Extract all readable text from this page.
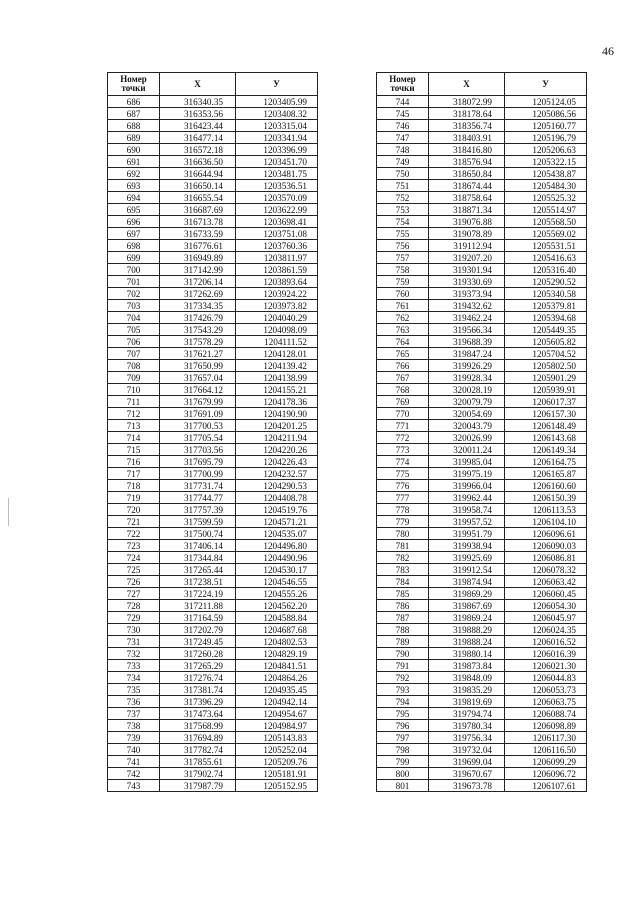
46
Номер
точки	X	У
686	316340.35	1203405.99
687	316353.56	1203408.32
688	316423.44	1203315.04
689	316477.14	1203341.94
690	316572.18	1203396.99
691	316636.50	1203451.70
692	316644.94	1203481.75
693	316650.14	1203536.51
694	316655.54	1203570.09
695	316687.69	1203622.99
696	316713.78	1203698.41
697	316733.59	1203751.08
698	316776.61	1203760.36
699	316949.89	1203811.97
700	317142.99	1203861.59
701	317206.14	1203893.64
702	317262.69	1203924.22
703	317334.35	1203973.82
704	317426.79	1204040.29
705	317543.29	1204098.09
706	317578.29	1204111.52
707	317621.27	1204128.01
708	317650.99	1204139.42
709	317657.04	1204138.99
710	317664.12	1204155.21
711	317679.99	1204178.36
712	317691.09	1204190.90
713	317700.53	1204201.25
714	317705.54	1204211.94
715	317703.56	1204220.26
716	317695.79	1204226.43
717	317700.99	1204232.57
718	317731.74	1204290.53
719	317744.77	1204408.78
720	317757.39	1204519.76
721	317599.59	1204571.21
722	317500.74	1204535.07
723	317406.14	1204496.80
724	317344.84	1204490.96
725	317265.44	1204530.17
726	317238.51	1204546.55
727	317224.19	1204555.26
728	317211.88	1204562.20
729	317164.59	1204588.84
730	317202.79	1204687.68
731	317249.45	1204802.53
732	317260.28	1204829.19
733	317265.29	1204841.51
734	317276.74	1204864.26
735	317381.74	1204935.45
736	317396.29	1204942.14
737	317473.64	1204954.67
738	317568.99	1204984.97
739	317694.89	1205143.83
740	317782.74	1205252.04
741	317855.61	1205209.76
742	317902.74	1205181.91
743	317987.79	1205152.95
Номер
точки	X	У
744	318072.99	1205124.05
745	318178.64	1205086.56
746	318356.74	1205160.77
747	318403.91	1205196.79
748	318416.80	1205206.63
749	318576.94	1205322.15
750	318650.84	1205438.87
751	318674.44	1205484.30
752	318758.64	1205525.32
753	318871.34	1205514.97
754	319076.88	1205568.50
755	319078.89	1205569.02
756	319112.94	1205531.51
757	319207.20	1205416.63
758	319301.94	1205316.40
759	319330.69	1205290.52
760	319373.94	1205340.58
761	319432.62	1205379.81
762	319462.24	1205394.68
763	319566.34	1205449.35
764	319688.39	1205605.82
765	319847.24	1205704.52
766	319926.29	1205802.50
767	319928.34	1205901.29
768	320028.19	1205939.91
769	320079.79	1206017.37
770	320054.69	1206157.30
771	320043.79	1206148.49
772	320026.99	1206143.68
773	320011.24	1206149.34
774	319985.04	1206164.75
775	319975.19	1206165.87
776	319966.04	1206160.60
777	319962.44	1206150.39
778	319958.74	1206113.53
779	319957.52	1206104.10
780	319951.79	1206096.61
781	319938.94	1206090.03
782	319925.69	1206086.81
783	319912.54	1206078.32
784	319874.94	1206063.42
785	319869.29	1206060.45
786	319867.69	1206054.30
787	319869.24	1206045.97
788	319888.29	1206024.35
789	319888.24	1206016.52
790	319880.14	1206016.39
791	319873.84	1206021.30
792	319848.09	1206044.83
793	319835.29	1206053.73
794	319819.69	1206063.75
795	319794.74	1206088.74
796	319780.34	1206098.89
797	319756.34	1206117.30
798	319732.04	1206116.50
799	319699.04	1206099.29
800	319670.67	1206096.72
801	319673.78	1206107.61
